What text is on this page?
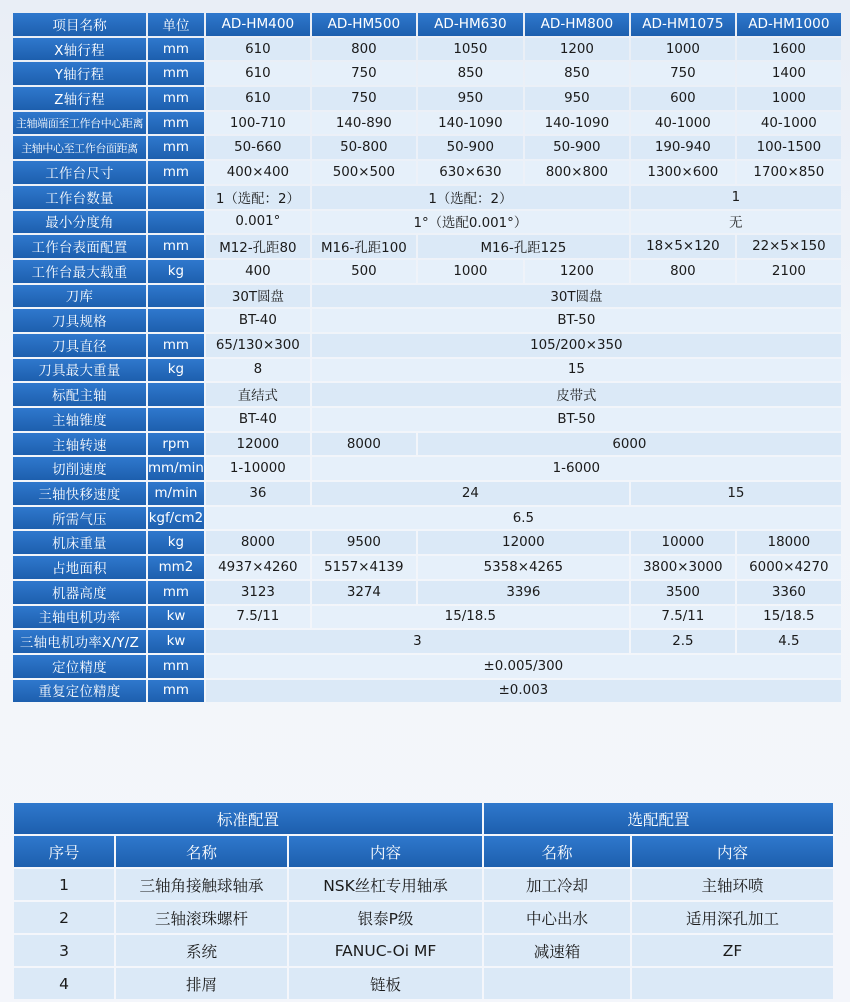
项目名称	单位	AD-HM400	AD-HM500	AD-HM630	AD-HM800	AD-HM1075	AD-HM1000
X轴行程	mm	610	800	1050	1200	1000	1600
Y轴行程	mm	610	750	850	850	750	1400
Z轴行程	mm	610	750	950	950	600	1000
主轴端面至工作台中心距离	mm	100-710	140-890	140-1090	140-1090	40-1000	40-1000
主轴中心至工作台面距离	mm	50-660	50-800	50-900	50-900	190-940	100-1500
工作台尺寸	mm	400×400	500×500	630×630	800×800	1300×600	1700×850
工作台数量		1（选配：2）	1（选配：2）			1	
最小分度角		0.001°	1°（选配0.001°）			无	
工作台表面配置	mm	M12-孔距80	M16-孔距100	M16-孔距125		18×5×120	22×5×150
工作台最大载重	kg	400	500	1000	1200	800	2100
刀库		30T圆盘	30T圆盘				
刀具规格		BT-40	BT-50				
刀具直径	mm	65/130×300	105/200×350				
刀具最大重量	kg	8	15				
标配主轴		直结式	皮带式				
主轴锥度		BT-40	BT-50				
主轴转速	rpm	12000	8000	6000			
切削速度	mm/min	1-10000	1-6000				
三轴快移速度	m/min	36	24			15	
所需气压	kgf/cm2	6.5					
机床重量	kg	8000	9500	12000		10000	18000
占地面积	mm2	4937×4260	5157×4139	5358×4265		3800×3000	6000×4270
机器高度	mm	3123	3274	3396		3500	3360
主轴电机功率	kw	7.5/11	15/18.5			7.5/11	15/18.5
三轴电机功率X/Y/Z	kw	3				2.5	4.5
定位精度	mm	±0.005/300					
重复定位精度	mm	±0.003					
标准配置			选配配置	
序号	名称	内容	名称	内容
1	三轴角接触球轴承	NSK丝杠专用轴承	加工冷却	主轴环喷
2	三轴滚珠螺杆	银泰P级	中心出水	适用深孔加工
3	系统	FANUC-Oi MF	减速箱	ZF
4	排屑	链板		
